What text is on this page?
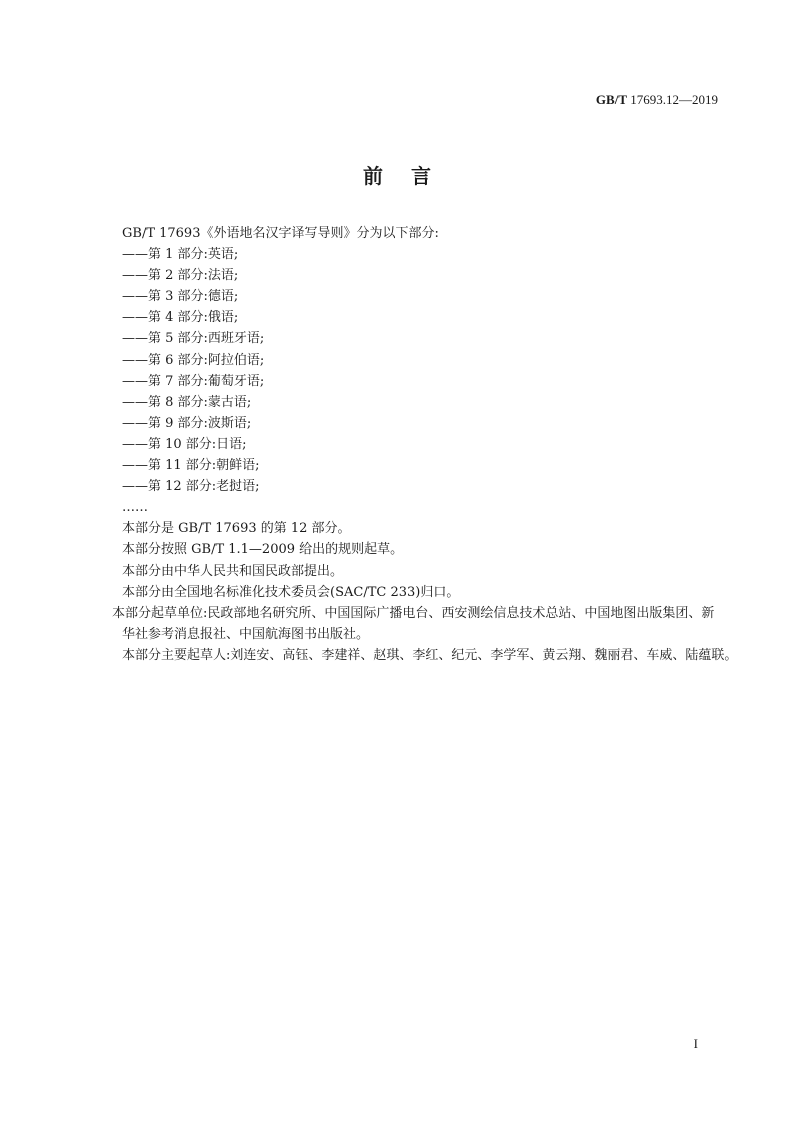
GB/T 17693.12—2019
前言
GB/T 17693《外语地名汉字译写导则》分为以下部分:
——第 1 部分:英语;
——第 2 部分:法语;
——第 3 部分:德语;
——第 4 部分:俄语;
——第 5 部分:西班牙语;
——第 6 部分:阿拉伯语;
——第 7 部分:葡萄牙语;
——第 8 部分:蒙古语;
——第 9 部分:波斯语;
——第 10 部分:日语;
——第 11 部分:朝鲜语;
——第 12 部分:老挝语;
……
本部分是 GB/T 17693 的第 12 部分。
本部分按照 GB/T 1.1—2009 给出的规则起草。
本部分由中华人民共和国民政部提出。
本部分由全国地名标准化技术委员会(SAC/TC 233)归口。
本部分起草单位:民政部地名研究所、中国国际广播电台、西安测绘信息技术总站、中国地图出版集团、新华社参考消息报社、中国航海图书出版社。
本部分主要起草人:刘连安、高钰、李建祥、赵琪、李红、纪元、李学军、黄云翔、魏丽君、车威、陆蕴联。
I
